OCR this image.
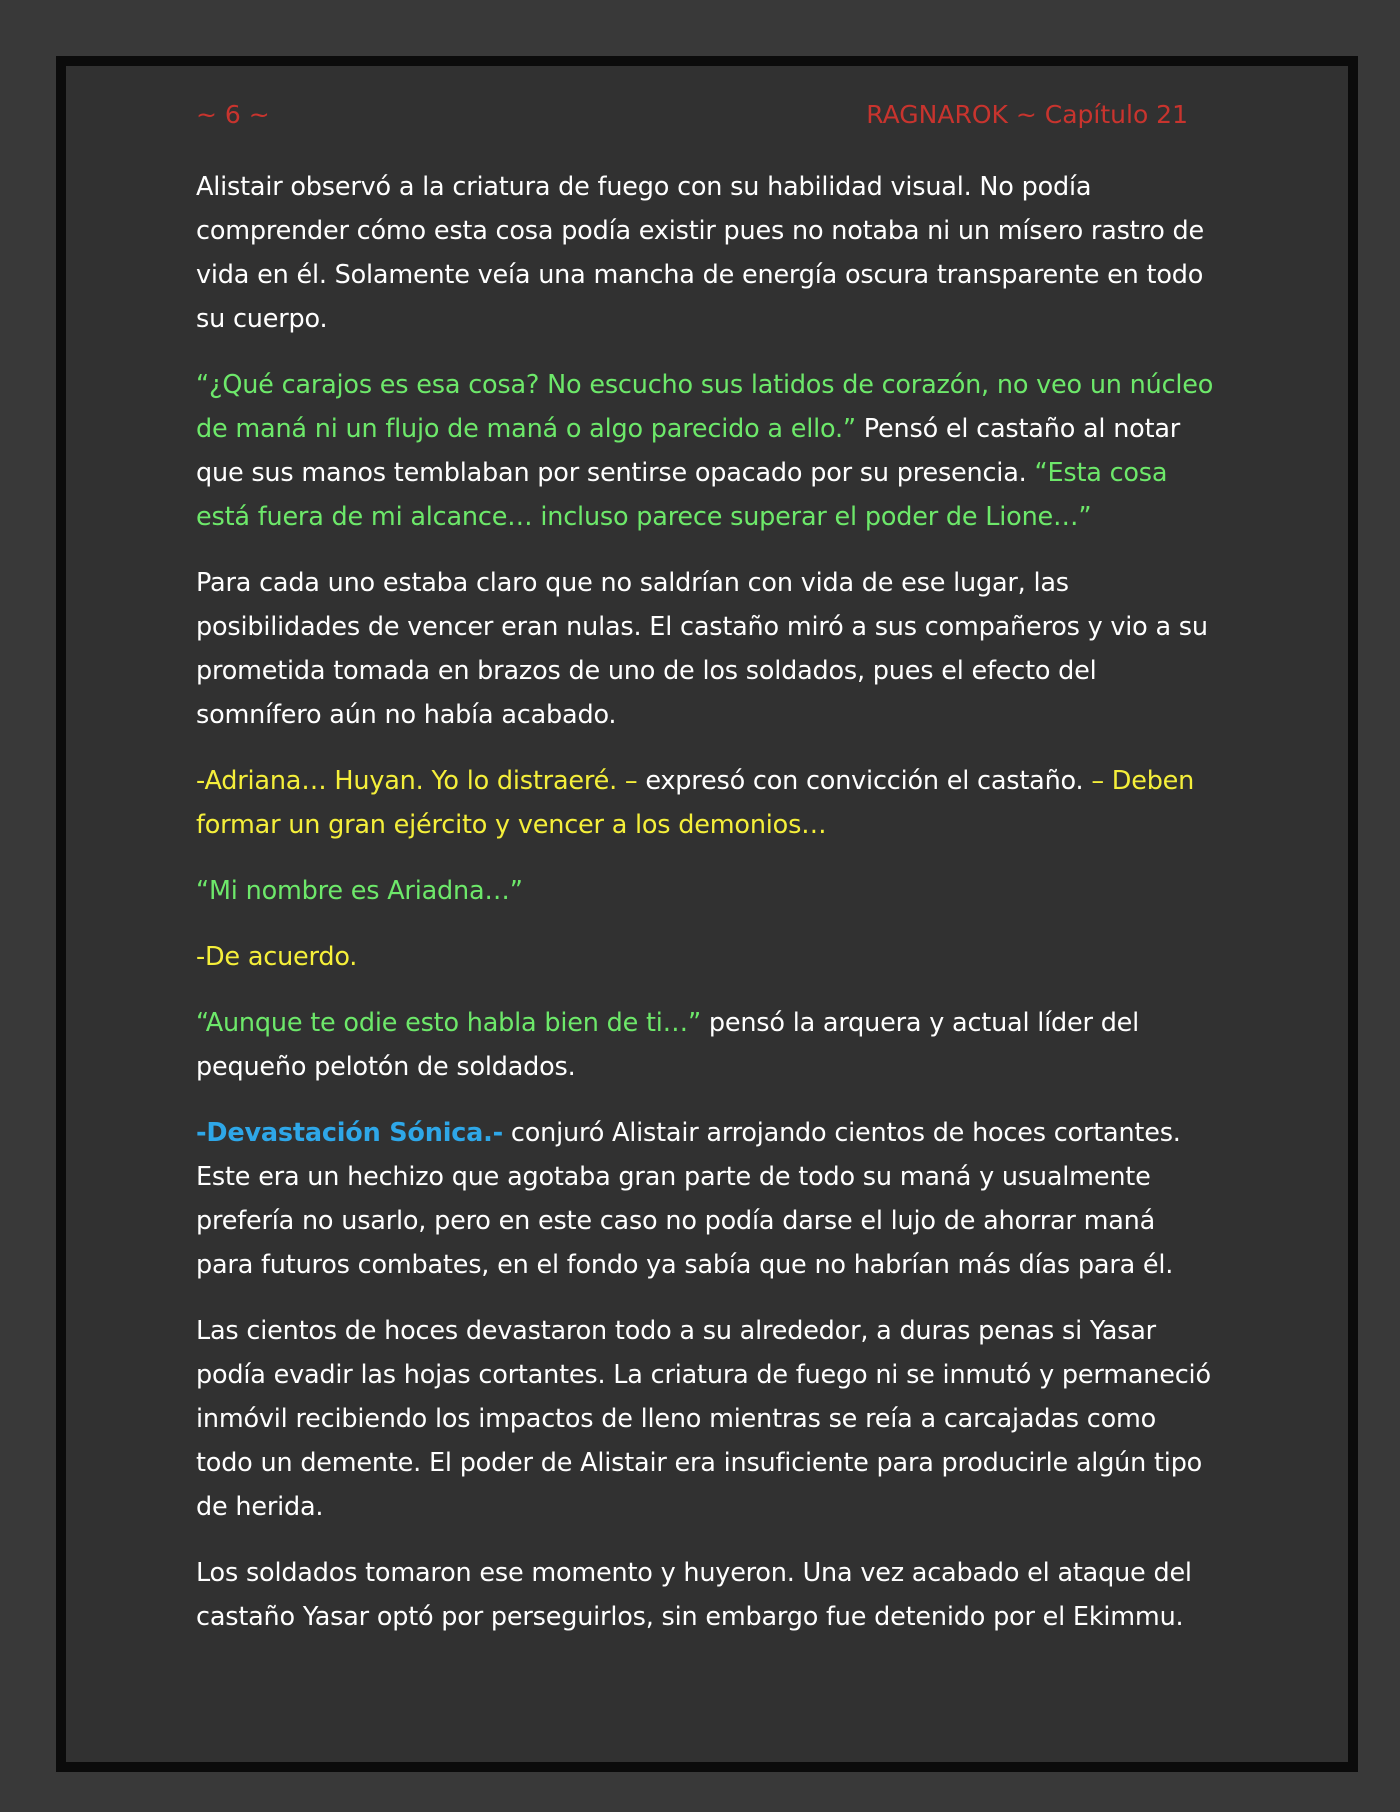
~ 6 ~	RAGNAROK ~ Capítulo 21

Alistair observó a la criatura de fuego con su habilidad visual. No podía comprender cómo esta cosa podía existir pues no notaba ni un mísero rastro de vida en él. Solamente veía una mancha de energía oscura transparente en todo su cuerpo.

“¿Qué carajos es esa cosa? No escucho sus latidos de corazón, no veo un núcleo de maná ni un flujo de maná o algo parecido a ello.” Pensó el castaño al notar que sus manos temblaban por sentirse opacado por su presencia. “Esta cosa está fuera de mi alcance… incluso parece superar el poder de Lione…”

Para cada uno estaba claro que no saldrían con vida de ese lugar, las posibilidades de vencer eran nulas. El castaño miró a sus compañeros y vio a su prometida tomada en brazos de uno de los soldados, pues el efecto del somnífero aún no había acabado.

-Adriana… Huyan. Yo lo distraeré. – expresó con convicción el castaño. – Deben formar un gran ejército y vencer a los demonios…

“Mi nombre es Ariadna…”

-De acuerdo.

“Aunque te odie esto habla bien de ti…” pensó la arquera y actual líder del pequeño pelotón de soldados.

-Devastación Sónica.- conjuró Alistair arrojando cientos de hoces cortantes. Este era un hechizo que agotaba gran parte de todo su maná y usualmente prefería no usarlo, pero en este caso no podía darse el lujo de ahorrar maná para futuros combates, en el fondo ya sabía que no habrían más días para él.

Las cientos de hoces devastaron todo a su alrededor, a duras penas si Yasar podía evadir las hojas cortantes. La criatura de fuego ni se inmutó y permaneció inmóvil recibiendo los impactos de lleno mientras se reía a carcajadas como todo un demente. El poder de Alistair era insuficiente para producirle algún tipo de herida.

Los soldados tomaron ese momento y huyeron. Una vez acabado el ataque del castaño Yasar optó por perseguirlos, sin embargo fue detenido por el Ekimmu.
